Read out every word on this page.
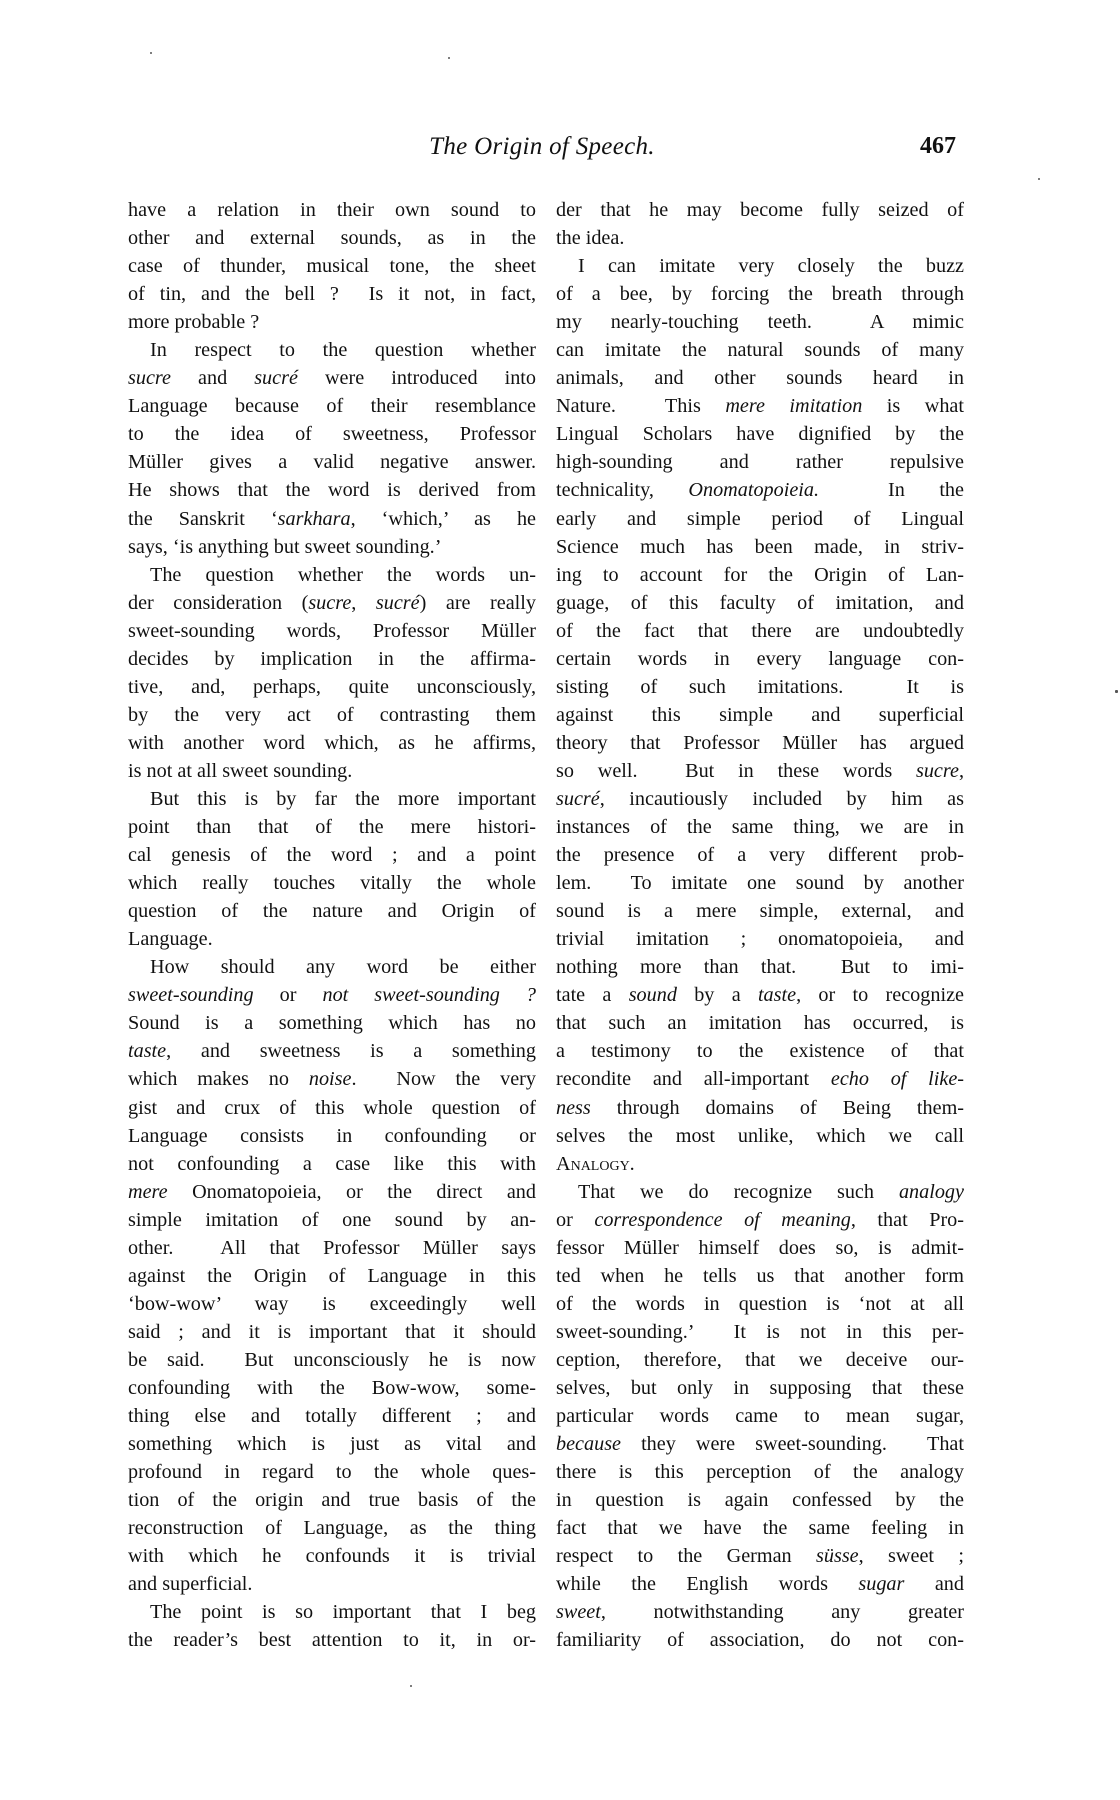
The Origin of Speech.	467
have a relation in their own sound to
other and external sounds, as in the
case of thunder, musical tone, the sheet
of tin, and the bell ?  Is it not, in fact,
more probable ?
In respect to the question whether
sucre and sucré were introduced into
Language because of their resemblance
to the idea of sweetness, Professor
Müller gives a valid negative answer.
He shows that the word is derived from
the Sanskrit ‘sarkhara, ‘which,’ as he
says, ‘is anything but sweet sounding.’
The question whether the words un-
der consideration (sucre, sucré) are really
sweet-sounding words, Professor Müller
decides by implication in the affirma-
tive, and, perhaps, quite unconsciously,
by the very act of contrasting them
with another word which, as he affirms,
is not at all sweet sounding.
But this is by far the more important
point than that of the mere histori-
cal genesis of the word ; and a point
which really touches vitally the whole
question of the nature and Origin of
Language.
How should any word be either
sweet-sounding or not sweet-sounding ?
Sound is a something which has no
taste, and sweetness is a something
which makes no noise.  Now the very
gist and crux of this whole question of
Language consists in confounding or
not confounding a case like this with
mere Onomatopoieia, or the direct and
simple imitation of one sound by an-
other.  All that Professor Müller says
against the Origin of Language in this
‘bow-wow’ way is exceedingly well
said ; and it is important that it should
be said.  But unconsciously he is now
confounding with the Bow-wow, some-
thing else and totally different ; and
something which is just as vital and
profound in regard to the whole ques-
tion of the origin and true basis of the
reconstruction of Language, as the thing
with which he confounds it is trivial
and superficial.
The point is so important that I beg
the reader’s best attention to it, in or-
der that he may become fully seized of
the idea.
I can imitate very closely the buzz
of a bee, by forcing the breath through
my nearly-touching teeth.  A mimic
can imitate the natural sounds of many
animals, and other sounds heard in
Nature.  This mere imitation is what
Lingual Scholars have dignified by the
high-sounding and rather repulsive
technicality, Onomatopoieia.  In the
early and simple period of Lingual
Science much has been made, in striv-
ing to account for the Origin of Lan-
guage, of this faculty of imitation, and
of the fact that there are undoubtedly
certain words in every language con-
sisting of such imitations.  It is
against this simple and superficial
theory that Professor Müller has argued
so well.  But in these words sucre,
sucré, incautiously included by him as
instances of the same thing, we are in
the presence of a very different prob-
lem.  To imitate one sound by another
sound is a mere simple, external, and
trivial imitation ; onomatopoieia, and
nothing more than that.  But to imi-
tate a sound by a taste, or to recognize
that such an imitation has occurred, is
a testimony to the existence of that
recondite and all-important echo of like-
ness through domains of Being them-
selves the most unlike, which we call
Analogy.
That we do recognize such analogy
or correspondence of meaning, that Pro-
fessor Müller himself does so, is admit-
ted when he tells us that another form
of the words in question is ‘not at all
sweet-sounding.’  It is not in this per-
ception, therefore, that we deceive our-
selves, but only in supposing that these
particular words came to mean sugar,
because they were sweet-sounding.  That
there is this perception of the analogy
in question is again confessed by the
fact that we have the same feeling in
respect to the German süsse, sweet ;
while the English words sugar and
sweet, notwithstanding any greater
familiarity of association, do not con-
